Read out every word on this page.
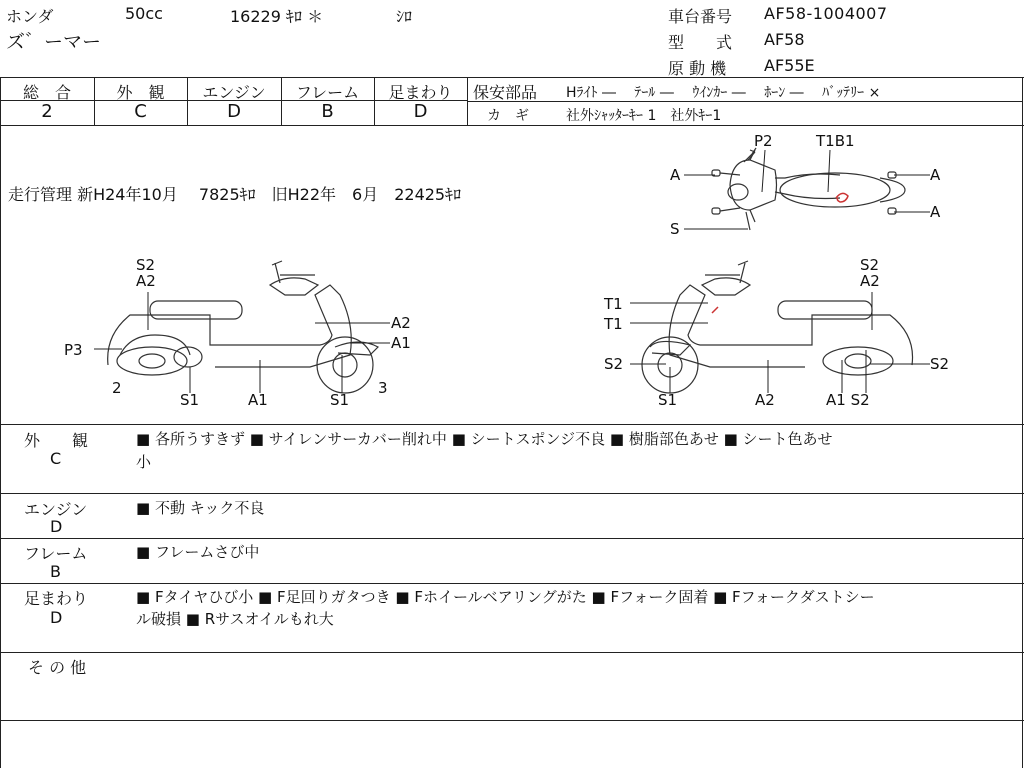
ホンダ	50cc	16229 ｷﾛ ＊	ｼﾛ
ズ゛ーマー
車台番号 AF58-1004007
型　　式 AF58
原 動 機 AF55E
総　合	外　観	エンジン	フレーム	足まわり
2	C	D	B	D
保安部品 Hﾗｲﾄ ―　 ﾃｰﾙ ―　 ｳｲﾝｶｰ ―　 ﾎｰﾝ ―　 ﾊﾞｯﾃﾘｰ ×
カ　ギ	社外ｼｬｯﾀｰｷｰ 1　社外ｷｰ1
走行管理 新H24年10月　 7825ｷﾛ　旧H22年　6月　22425ｷﾛ
A
P2	T1B1
A
A
S
S2
A2
P3
A2
A1
2
S1	A1	S1
3
T1
T1
S2
A2
S2	S2
S1	A2	A1 S2
外　　観
C
■ 各所うすきず ■ サイレンサーカバー削れ中 ■ シートスポンジ不良 ■ 樹脂部色あせ ■ シート色あせ
小
エンジン
D
■ 不動 キック不良
フレーム
B
■ フレームさび中
足まわり
D
■ Fタイヤひび小 ■ F足回りガタつき ■ Fホイールベアリングがた ■ Fフォーク固着 ■ Fフォークダストシー
ル破損 ■ Rサスオイルもれ大
そ の 他
